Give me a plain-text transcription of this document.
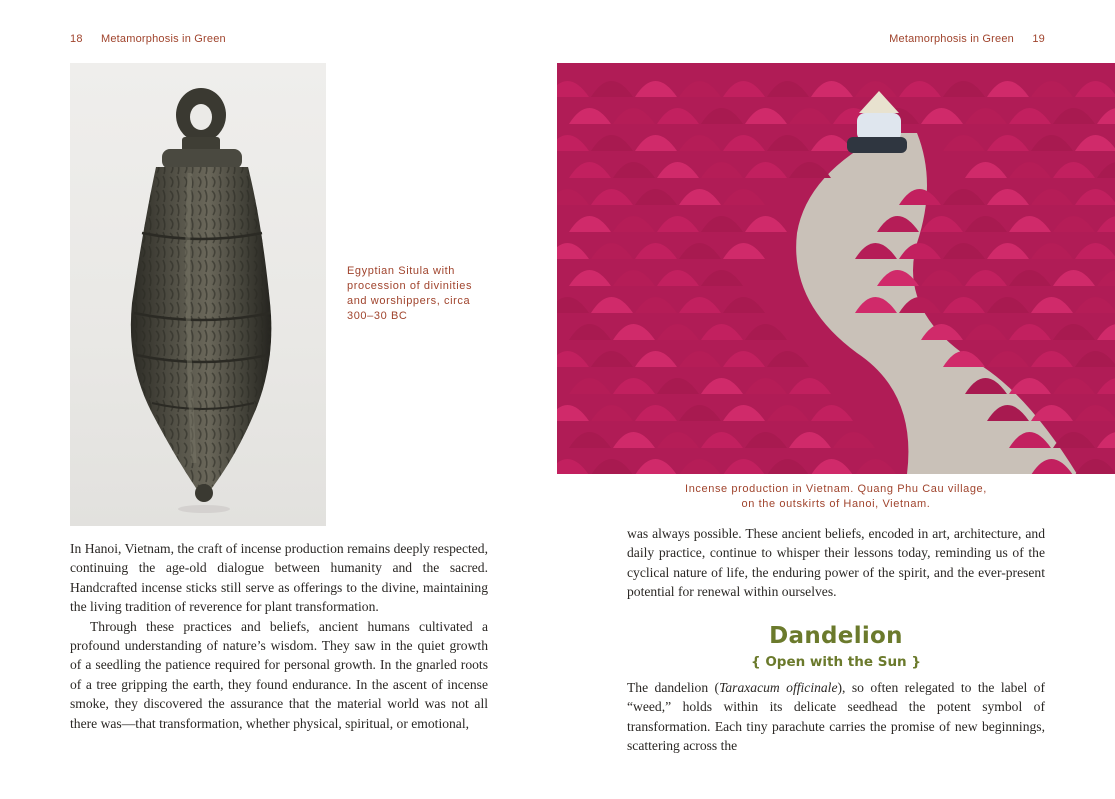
18 Metamorphosis in Green
Egyptian Situla with procession of divinities and worshippers, circa 300–30 BC

In Hanoi, Vietnam, the craft of incense production remains deeply respected, continuing the age-old dialogue between humanity and the sacred. Handcrafted incense sticks still serve as offerings to the divine, maintaining the living tradition of reverence for plant transformation.

Through these practices and beliefs, ancient humans cultivated a profound understanding of nature’s wisdom. They saw in the quiet growth of a seedling the patience required for personal growth. In the gnarled roots of a tree gripping the earth, they found endurance. In the ascent of incense smoke, they discovered the assurance that the material world was not all there was—that transformation, whether physical, spiritual, or emotional,

Metamorphosis in Green 19
Incense production in Vietnam. Quang Phu Cau village,
on the outskirts of Hanoi, Vietnam.

was always possible. These ancient beliefs, encoded in art, architecture, and daily practice, continue to whisper their lessons today, reminding us of the cyclical nature of life, the enduring power of the spirit, and the ever-present potential for renewal within ourselves.

Dandelion
{ Open with the Sun }

The dandelion (Taraxacum officinale), so often relegated to the label of “weed,” holds within its delicate seedhead the potent symbol of transformation. Each tiny parachute carries the promise of new beginnings, scattering across the
